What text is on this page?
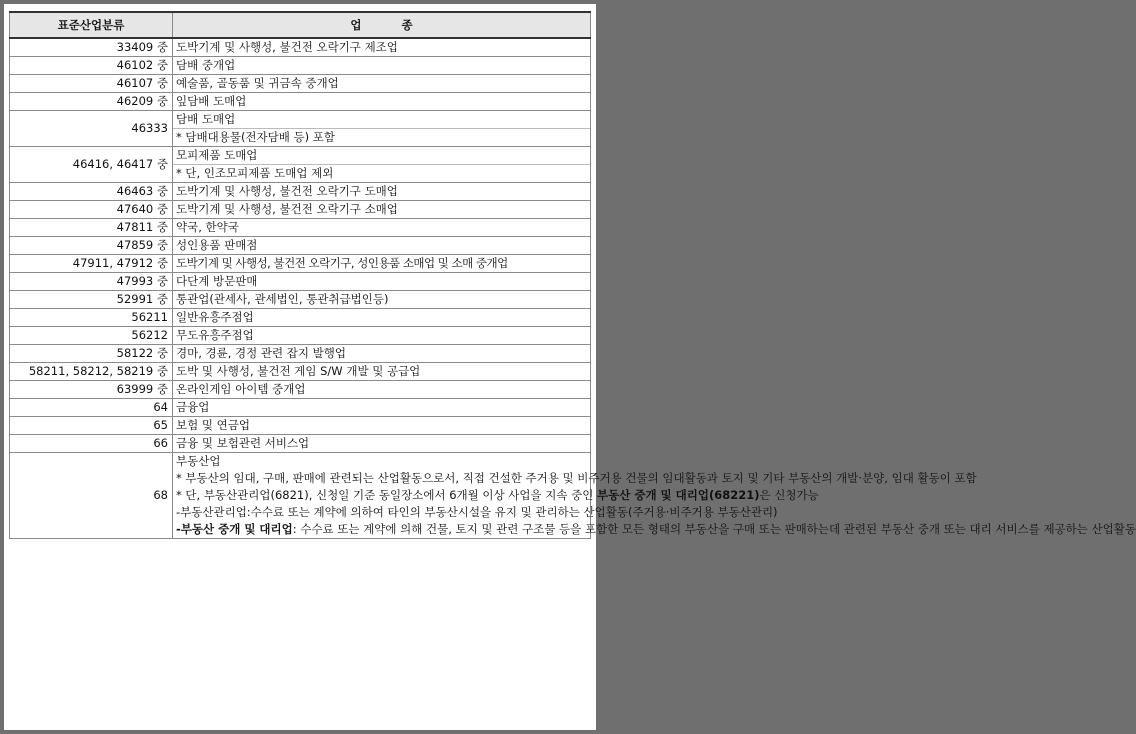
표준산업분류	업          종
33409 중	도박기계 및 사행성, 불건전 오락기구 제조업
46102 중	담배 중개업
46107 중	예술품, 골동품 및 귀금속 중개업
46209 중	잎담배 도매업
46333	담배 도매업
* 담배대용물(전자담배 등) 포함

46416, 46417 중	모피제품 도매업
* 단, 인조모피제품 도매업 제외

46463 중	도박기계 및 사행성, 불건전 오락기구 도매업
47640 중	도박기계 및 사행성, 불건전 오락기구 소매업
47811 중	약국, 한약국
47859 중	성인용품 판매점
47911, 47912 중	도박기계 및 사행성, 불건전 오락기구, 성인용품 소매업 및 소매 중개업
47993 중	다단계 방문판매
52991 중	통관업(관세사, 관세법인, 통관취급법인등)
56211	일반유흥주점업
56212	무도유흥주점업
58122 중	경마, 경륜, 경정 관련 잡지 발행업
58211, 58212, 58219 중	도박 및 사행성, 불건전 게임 S/W 개발 및 공급업
63999 중	온라인게임 아이템 중개업
64	금융업
65	보험 및 연금업
66	금융 및 보험관련 서비스업
68	부동산업

* 부동산의 임대, 구매, 판매에 관련되는 산업활동으로서, 직접 건설한 주거용 및 비주거용 건물의 임대활동과 토지 및 기타 부동산의 개발·분양, 임대 활동이 포함

* 단, 부동산관리업(6821), 신청일 기준 동일장소에서 6개월 이상 사업을 지속 중인 부동산 중개 및 대리업(68221)은 신청가능

-부동산관리업:수수료 또는 계약에 의하여 타인의 부동산시설을 유지 및 관리하는 산업활동(주거용·비주거용 부동산관리)

-부동산 중개 및 대리업: 수수료 또는 계약에 의해 건물, 토지 및 관련 구조물 등을 포함한 모든 형태의 부동산을 구매 또는 판매하는데 관련된 부동산 중개 또는 대리 서비스를 제공하는 산업활동
